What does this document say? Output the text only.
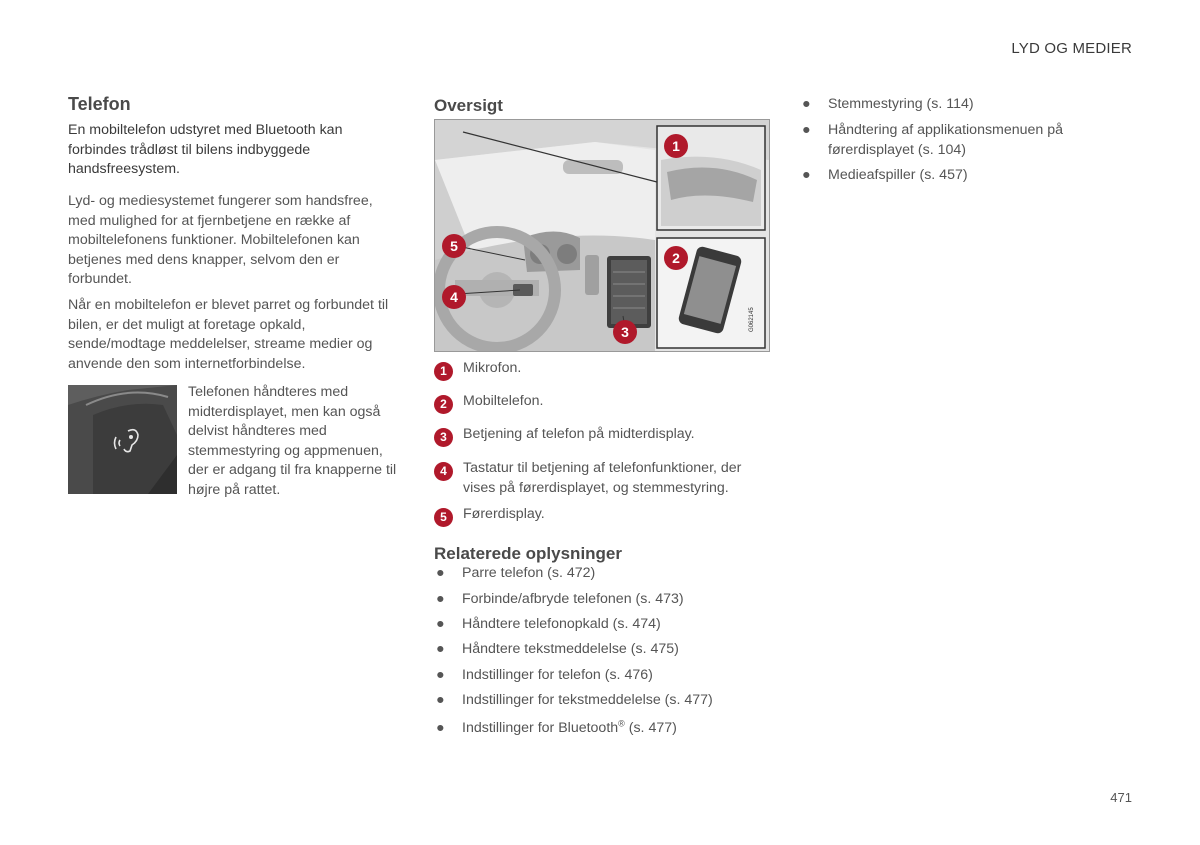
LYD OG MEDIER
Telefon
En mobiltelefon udstyret med Bluetooth kan forbindes trådløst til bilens indbyggede handsfreesystem.
Lyd- og mediesystemet fungerer som handsfree, med mulighed for at fjernbetjene en række af mobiltelefonens funktioner. Mobiltelefonen kan betjenes med dens knapper, selvom den er forbundet.
Når en mobiltelefon er blevet parret og forbundet til bilen, er det muligt at foretage opkald, sende/modtage meddelelser, streame medier og anvende den som internetforbindelse.
Telefonen håndteres med midterdisplayet, men kan også delvist håndteres med stemmestyring og appmenuen, der er adgang til fra knapperne til højre på rattet.
Oversigt
G062145
1
2
3
4
5
1	Mikrofon.
2	Mobiltelefon.
3	Betjening af telefon på midterdisplay.
4	Tastatur til betjening af telefonfunktioner, der vises på førerdisplayet, og stemmestyring.
5	Førerdisplay.
Relaterede oplysninger
● Parre telefon (s. 472)
● Forbinde/afbryde telefonen (s. 473)
● Håndtere telefonopkald (s. 474)
● Håndtere tekstmeddelelse (s. 475)
● Indstillinger for telefon (s. 476)
● Indstillinger for tekstmeddelelse (s. 477)
● Indstillinger for Bluetooth® (s. 477)
● Stemmestyring (s. 114)
● Håndtering af applikationsmenuen på førerdisplayet (s. 104)
● Medieafspiller (s. 457)
471
